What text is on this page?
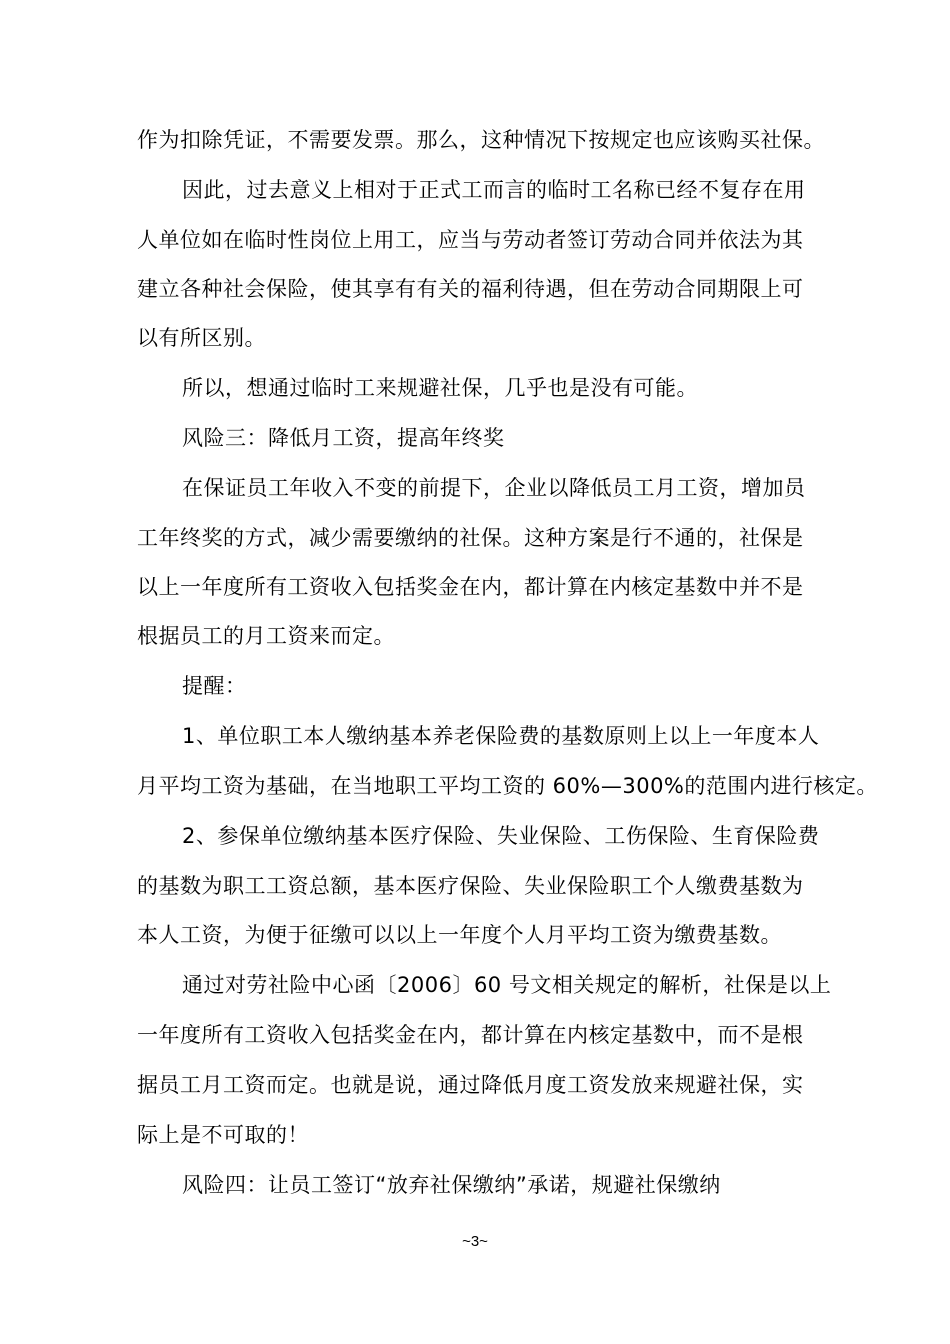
作为扣除凭证，不需要发票。那么，这种情况下按规定也应该购买社保。
因此，过去意义上相对于正式工而言的临时工名称已经不复存在用
人单位如在临时性岗位上用工，应当与劳动者签订劳动合同并依法为其
建立各种社会保险，使其享有有关的福利待遇，但在劳动合同期限上可
以有所区别。
所以，想通过临时工来规避社保，几乎也是没有可能。
风险三：降低月工资，提高年终奖
在保证员工年收入不变的前提下，企业以降低员工月工资，增加员
工年终奖的方式，减少需要缴纳的社保。这种方案是行不通的，社保是
以上一年度所有工资收入包括奖金在内，都计算在内核定基数中并不是
根据员工的月工资来而定。
提醒：
1、单位职工本人缴纳基本养老保险费的基数原则上以上一年度本人
月平均工资为基础，在当地职工平均工资的 60%—300%的范围内进行核定。
2、参保单位缴纳基本医疗保险、失业保险、工伤保险、生育保险费
的基数为职工工资总额，基本医疗保险、失业保险职工个人缴费基数为
本人工资，为便于征缴可以以上一年度个人月平均工资为缴费基数。
通过对劳社险中心函〔2006〕60 号文相关规定的解析，社保是以上
一年度所有工资收入包括奖金在内，都计算在内核定基数中，而不是根
据员工月工资而定。也就是说，通过降低月度工资发放来规避社保，实
际上是不可取的！
风险四：让员工签订“放弃社保缴纳”承诺，规避社保缴纳
~3~
